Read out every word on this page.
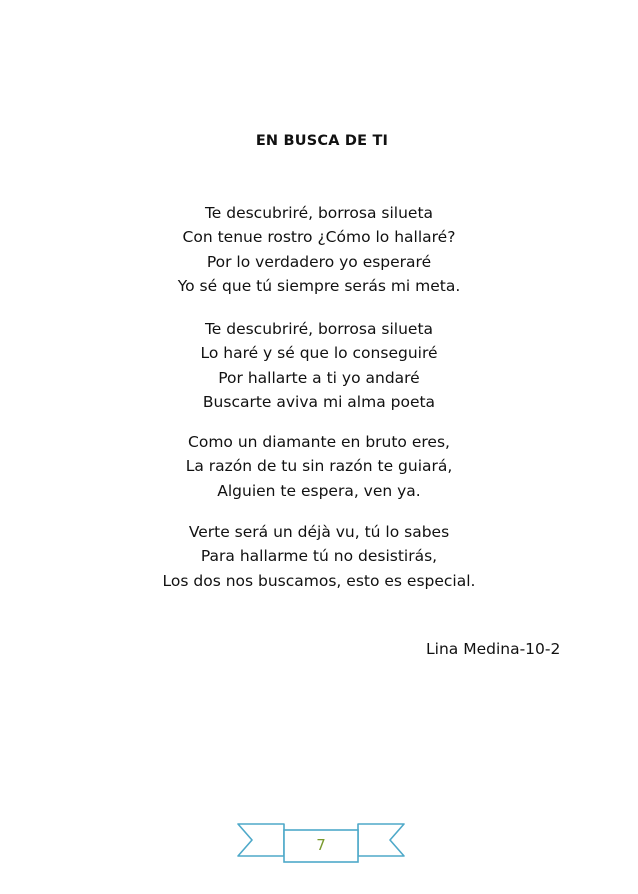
EN BUSCA DE TI
Te descubriré, borrosa silueta
Con tenue rostro ¿Cómo lo hallaré?
Por lo verdadero yo esperaré
Yo sé que tú siempre serás mi meta.
Te descubriré, borrosa silueta
Lo haré y sé que lo conseguiré
Por hallarte a ti yo andaré
Buscarte aviva mi alma poeta
Como un diamante en bruto eres,
La razón de tu sin razón te guiará,
Alguien te espera, ven ya.
Verte será un déjà vu, tú lo sabes
Para hallarme tú no desistirás,
Los dos nos buscamos, esto es especial.
Lina Medina-10-2
7
